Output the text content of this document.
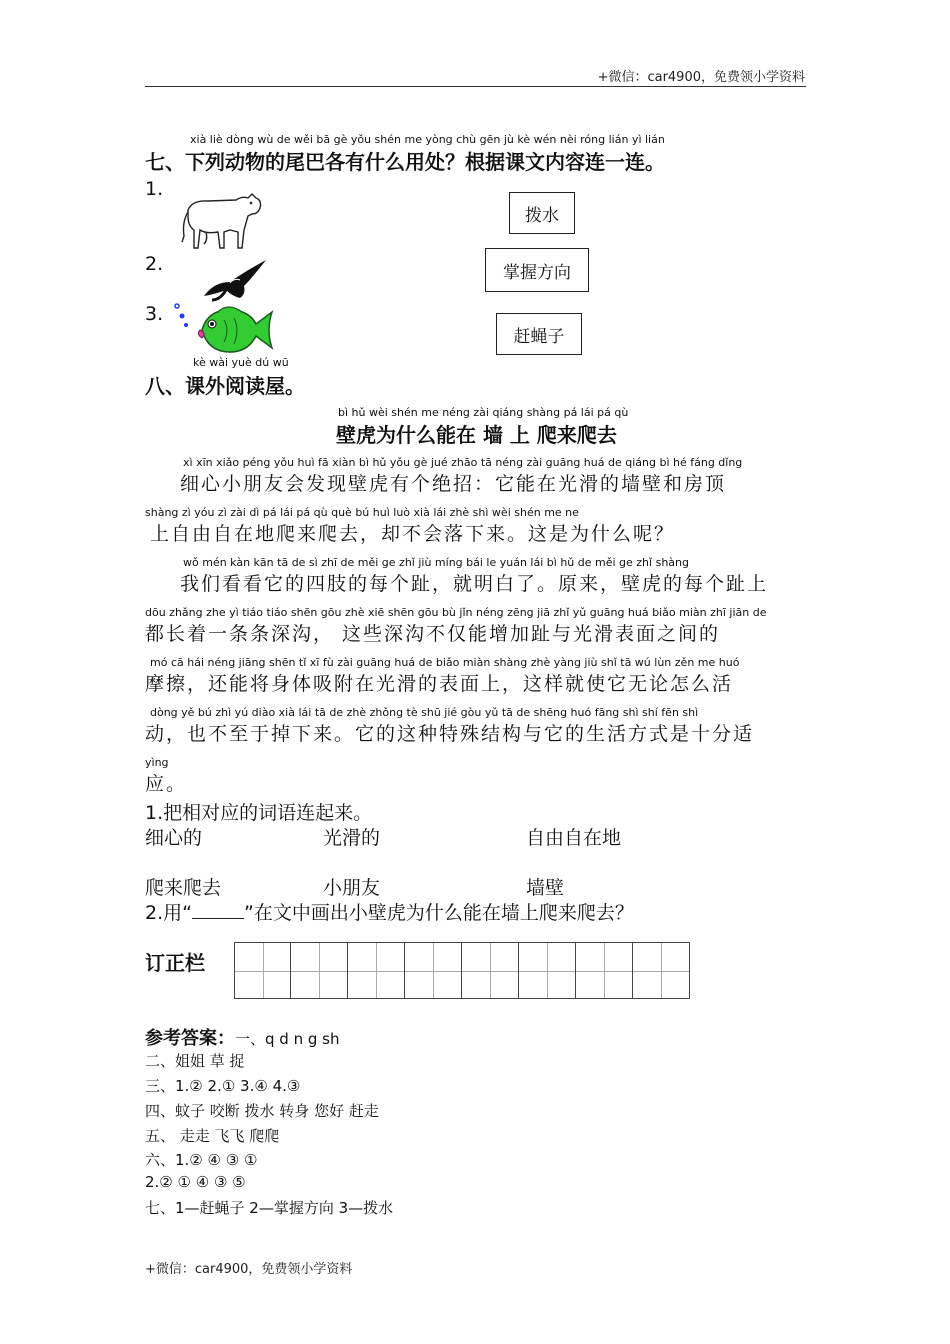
+微信：car4900，免费领小学资料
xià liè dòng wù de wěi bā gè yǒu shén me yòng chù gēn jù kè wén nèi róng lián yì lián
七、下列动物的尾巴各有什么用处？根据课文内容连一连。
1.
2.
3.
拨水
掌握方向
赶蝇子
kè wài yuè dú wū
八、课外阅读屋。
bì hǔ wèi shén me néng zài qiáng shàng pá lái pá qù
壁虎为什么能在 墙 上 爬来爬去
xì xīn xiǎo péng yǒu huì fā xiàn bì hǔ yǒu gè jué zhāo tā néng zài guāng huá de qiáng bì hé fáng dǐng
细心小朋友会发现壁虎有个绝招：它能在光滑的墙壁和房顶
shàng zì yóu zì zài dì pá lái pá qù què bú huì luò xià lái zhè shì wèi shén me ne
上自由自在地爬来爬去，却不会落下来。这是为什么呢？
wǒ mén kàn kān tā de sì zhī de měi ge zhǐ jiù míng bái le yuán lái bì hǔ de měi ge zhǐ shàng
我们看看它的四肢的每个趾，就明白了。原来，壁虎的每个趾上
dōu zhǎng zhe yì tiáo tiáo shēn gōu zhè xiē shēn gōu bù jǐn néng zēng jiā zhǐ yǔ guāng huá biǎo miàn zhī jiān de
都长着一条条深沟， 这些深沟不仅能增加趾与光滑表面之间的
mó cā hái néng jiāng shēn tǐ xī fù zài guāng huá de biǎo miàn shàng zhè yàng jiù shǐ tā wú lùn zěn me huó
摩擦，还能将身体吸附在光滑的表面上，这样就使它无论怎么活
dòng yě bú zhì yú diào xià lái tā de zhè zhǒng tè shū jié gòu yǔ tā de shēng huó fāng shì shí fēn shì
动，也不至于掉下来。它的这种特殊结构与它的生活方式是十分适
yìng
应。
1.把相对应的词语连起来。
细心的	光滑的	自由自在地
爬来爬去	小朋友	墙壁
2.用“	”在文中画出小壁虎为什么能在墙上爬来爬去？
订正栏
参考答案：一、q d n g sh
二、姐姐 草 捉
三、1.② 2.① 3.④ 4.③
四、蚊子 咬断 拨水 转身 您好 赶走
五、 走走 飞飞 爬爬
六、1.② ④ ③ ①
2.② ① ④ ③ ⑤
七、1—赶蝇子 2—掌握方向 3—拨水
+微信：car4900，免费领小学资料
